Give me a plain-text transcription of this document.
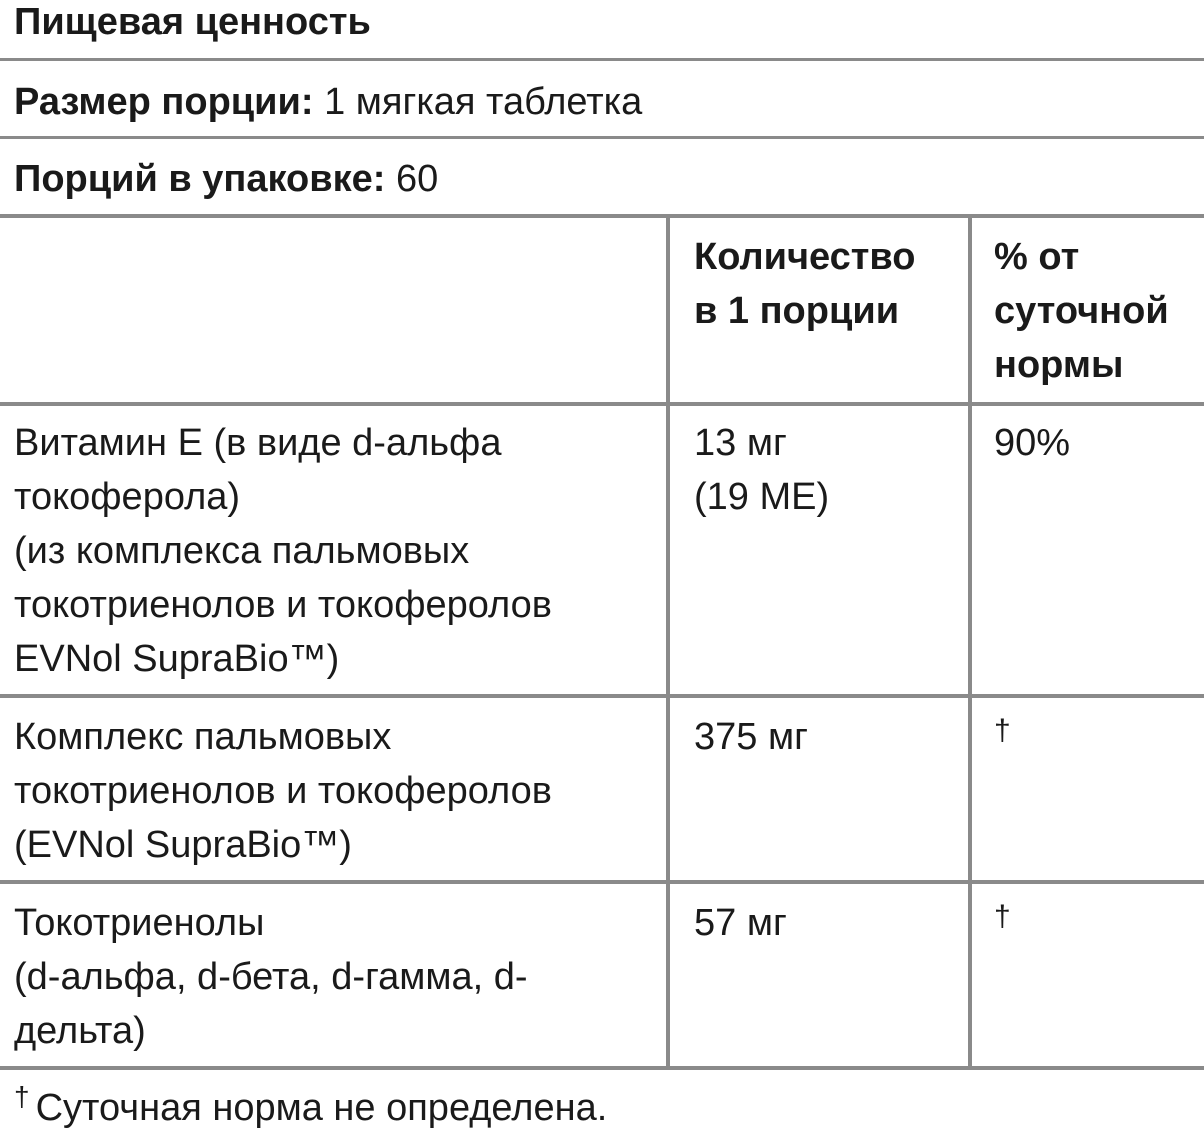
Пищевая ценность
Размер порции: 1 мягкая таблетка
Порций в упаковке: 60
Количество
в 1 порции
% от
суточной
нормы
Витамин Е (в виде d-альфа
токоферола)
(из комплекса пальмовых
токотриенолов и токоферолов
EVNol SupraBio™)
13 мг
(19 МЕ)
90%
Комплекс пальмовых
токотриенолов и токоферолов
(EVNol SupraBio™)
375 мг	†
Токотриенолы
(d-альфа, d-бета, d-гамма, d-
дельта)
57 мг	†
† Суточная норма не определена.
